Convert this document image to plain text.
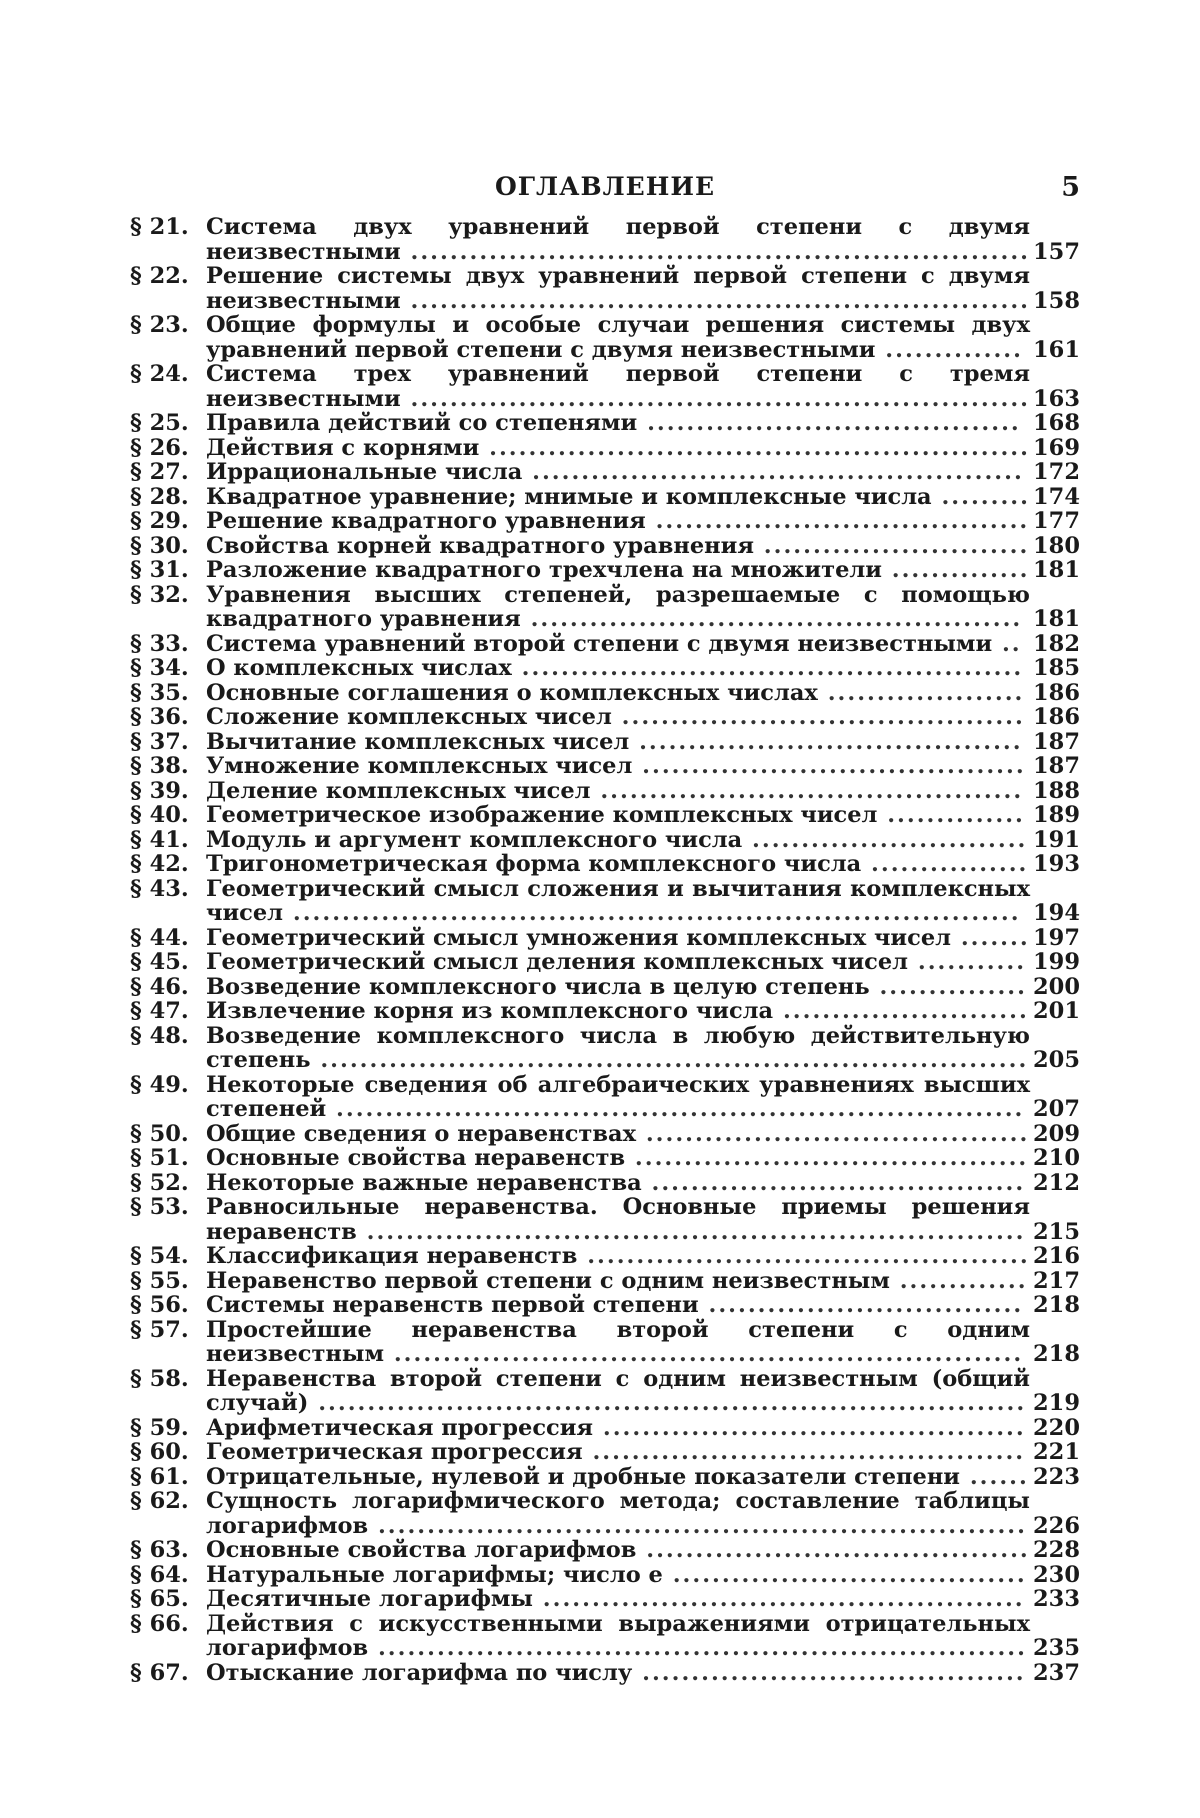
ОГЛАВЛЕНИЕ	5
§ 21. Система двух уравнений первой степени с двумя неизвестными ............................................................... 157
§ 22. Решение системы двух уравнений первой степени с двумя неизвестными ............................................................... 158
§ 23. Общие формулы и особые случаи решения системы двух уравнений первой степени с двумя неизвестными .............. 161
§ 24. Система трех уравнений первой степени с тремя неизвестными ............................................................... 163
§ 25. Правила действий со степенями ...................................... 168
§ 26. Действия с корнями ....................................................... 169
§ 27. Иррациональные числа .................................................. 172
§ 28. Квадратное уравнение; мнимые и комплексные числа ......... 174
§ 29. Решение квадратного уравнения ...................................... 177
§ 30. Свойства корней квадратного уравнения ........................... 180
§ 31. Разложение квадратного трехчлена на множители .............. 181
§ 32. Уравнения высших степеней, разрешаемые с помощью квадратного уравнения .................................................. 181
§ 33. Система уравнений второй степени с двумя неизвестными .. 182
§ 34. О комплексных числах ................................................... 185
§ 35. Основные соглашения о комплексных числах .................... 186
§ 36. Сложение комплексных чисел ......................................... 186
§ 37. Вычитание комплексных чисел ....................................... 187
§ 38. Умножение комплексных чисел ....................................... 187
§ 39. Деление комплексных чисел ........................................... 188
§ 40. Геометрическое изображение комплексных чисел .............. 189
§ 41. Модуль и аргумент комплексного числа ............................ 191
§ 42. Тригонометрическая форма комплексного числа ................ 193
§ 43. Геометрический смысл сложения и вычитания комплексных чисел .......................................................................... 194
§ 44. Геометрический смысл умножения комплексных чисел ....... 197
§ 45. Геометрический смысл деления комплексных чисел ........... 199
§ 46. Возведение комплексного числа в целую степень ............... 200
§ 47. Извлечение корня из комплексного числа ......................... 201
§ 48. Возведение комплексного числа в любую действительную степень ........................................................................ 205
§ 49. Некоторые сведения об алгебраических уравнениях высших степеней ...................................................................... 207
§ 50. Общие сведения о неравенствах ....................................... 209
§ 51. Основные свойства неравенств ........................................ 210
§ 52. Некоторые важные неравенства ...................................... 212
§ 53. Равносильные неравенства. Основные приемы решения неравенств ................................................................... 215
§ 54. Классификация неравенств ............................................. 216
§ 55. Неравенство первой степени с одним неизвестным ............. 217
§ 56. Системы неравенств первой степени ................................ 218
§ 57. Простейшие неравенства второй степени с одним неизвестным ................................................................ 218
§ 58. Неравенства второй степени с одним неизвестным (общий случай) ........................................................................ 219
§ 59. Арифметическая прогрессия ........................................... 220
§ 60. Геометрическая прогрессия ............................................ 221
§ 61. Отрицательные, нулевой и дробные показатели степени ...... 223
§ 62. Сущность логарифмического метода; составление таблицы логарифмов .................................................................. 226
§ 63. Основные свойства логарифмов ....................................... 228
§ 64. Натуральные логарифмы; число e .................................... 230
§ 65. Десятичные логарифмы ................................................. 233
§ 66. Действия с искусственными выражениями отрицательных логарифмов .................................................................. 235
§ 67. Отыскание логарифма по числу ....................................... 237
